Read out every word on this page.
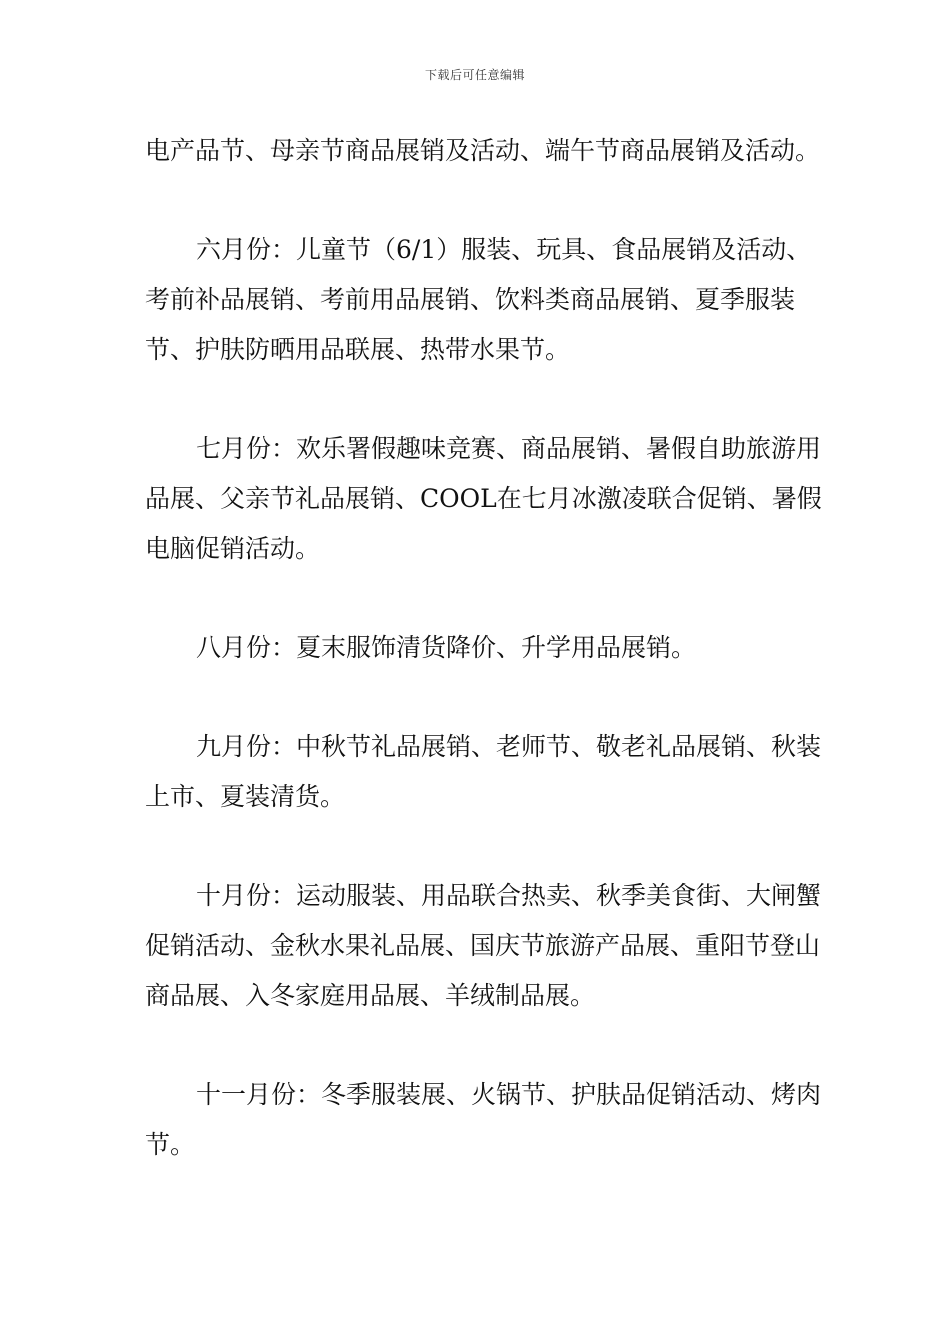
下载后可任意编辑

电产品节、母亲节商品展销及活动、端午节商品展销及活动。

六月份：儿童节（6/1）服装、玩具、食品展销及活动、考前补品展销、考前用品展销、饮料类商品展销、夏季服装节、护肤防晒用品联展、热带水果节。

七月份：欢乐署假趣味竞赛、商品展销、暑假自助旅游用品展、父亲节礼品展销、COOL在七月冰激凌联合促销、暑假电脑促销活动。

八月份：夏末服饰清货降价、升学用品展销。

九月份：中秋节礼品展销、老师节、敬老礼品展销、秋装上市、夏装清货。

十月份：运动服装、用品联合热卖、秋季美食街、大闸蟹促销活动、金秋水果礼品展、国庆节旅游产品展、重阳节登山商品展、入冬家庭用品展、羊绒制品展。

十一月份：冬季服装展、火锅节、护肤品促销活动、烤肉节。
